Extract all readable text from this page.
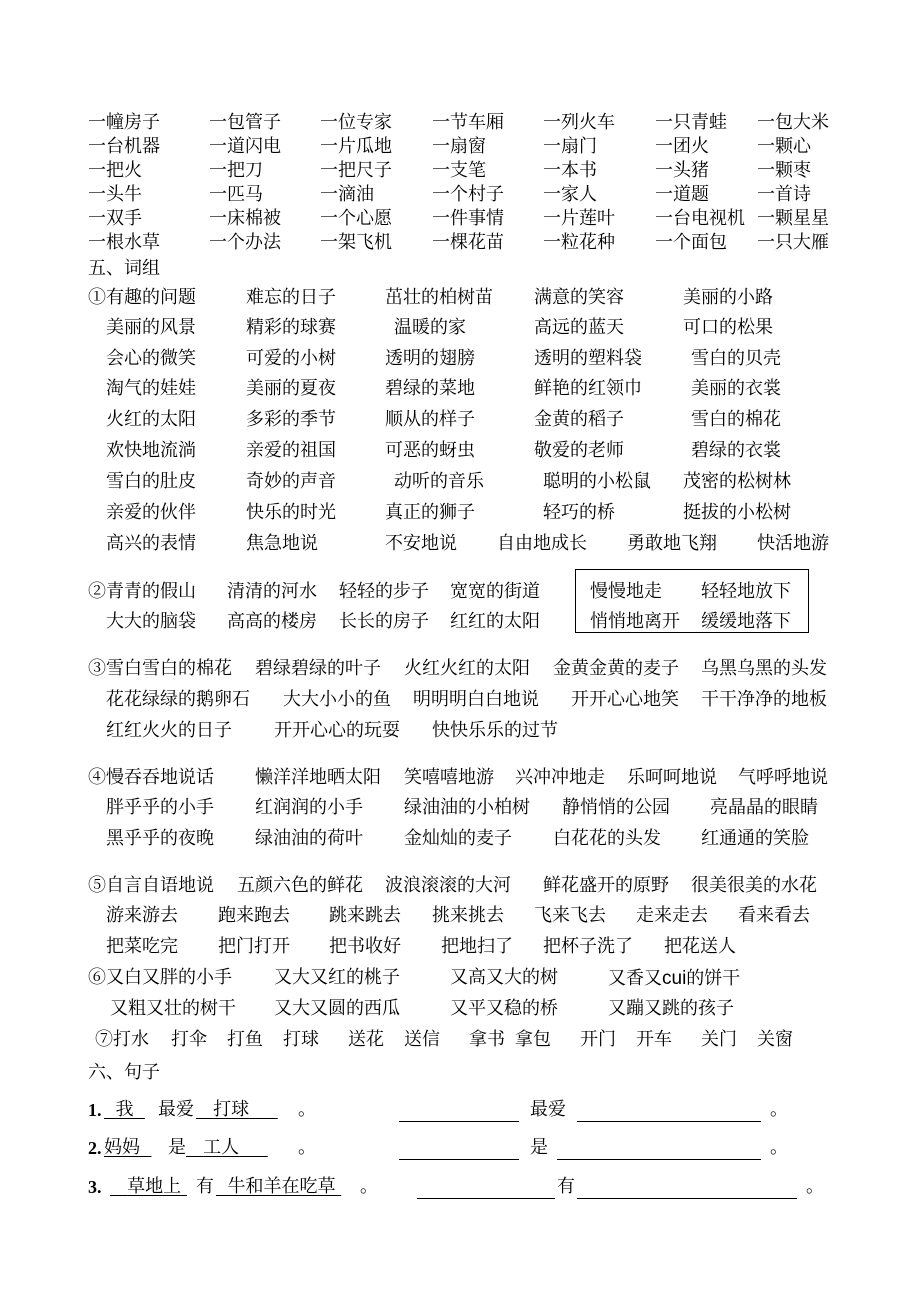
一幢房子	一包管子 一位专家 一节车厢 一列火车 一只青蛙 一包大米
一台机器	一道闪电 一片瓜地 一扇窗	一扇门	一团火	一颗心
一把火	一把刀	一把尺子 一支笔	一本书	一头猪	一颗枣
一头牛	一匹马	一滴油	一个村子 一家人	一道题	一首诗
一双手	一床棉被 一个心愿 一件事情 一片莲叶 一台电视机 一颗星星
一根水草	一个办法 一架飞机 一棵花苗 一粒花种 一个面包 一只大雁
五、词组
①有趣的问题	难忘的日子	茁壮的柏树苗 满意的笑容	美丽的小路
美丽的风景	精彩的球赛	温暖的家	高远的蓝天	可口的松果
会心的微笑	可爱的小树	透明的翅膀	透明的塑料袋	雪白的贝壳
淘气的娃娃	美丽的夏夜	碧绿的菜地	鲜艳的红领巾	美丽的衣裳
火红的太阳	多彩的季节	顺从的样子	金黄的稻子	雪白的棉花
欢快地流淌	亲爱的祖国	可恶的蚜虫	敬爱的老师	碧绿的衣裳
雪白的肚皮	奇妙的声音	动听的音乐	聪明的小松鼠 茂密的松树林
亲爱的伙伴	快乐的时光	真正的狮子	轻巧的桥	挺拔的小松树
高兴的表情	焦急地说	不安地说 自由地成长 勇敢地飞翔 快活地游
②青青的假山 清清的河水 轻轻的步子 宽宽的街道
大大的脑袋 高高的楼房 长长的房子 红红的太阳
慢慢地走 轻轻地放下
悄悄地离开 缓缓地落下
③雪白雪白的棉花 碧绿碧绿的叶子 火红火红的太阳 金黄金黄的麦子 乌黑乌黑的头发
花花绿绿的鹅卵石 大大小小的鱼 明明明白白地说 开开心心地笑 干干净净的地板
红红火火的日子 开开心心的玩耍 快快乐乐的过节
④慢吞吞地说话 懒洋洋地晒太阳 笑嘻嘻地游 兴冲冲地走 乐呵呵地说 气呼呼地说
胖乎乎的小手 红润润的小手 绿油油的小柏树 静悄悄的公园 亮晶晶的眼睛
黑乎乎的夜晚 绿油油的荷叶 金灿灿的麦子 白花花的头发 红通通的笑脸
⑤自言自语地说 五颜六色的鲜花 波浪滚滚的大河 鲜花盛开的原野 很美很美的水花
游来游去 跑来跑去 跳来跳去 挑来挑去 飞来飞去 走来走去 看来看去
把菜吃完 把门打开 把书收好 把地扫了 把杯子洗了 把花送人
⑥又白又胖的小手 又大又红的桃子	又高又大的树	又香又cui的饼干
又粗又壮的树干 又大又圆的西瓜	又平又稳的桥	又蹦又跳的孩子
⑦打水 打伞 打鱼 打球 送花 送信 拿书 拿包 开门 开车 关门 关窗
六、句子
1. 我	最爱	打球	。	最爱	。
2. 妈妈	是 工人	。	是	。
3.	草地上 有 牛和羊在吃草	。	有	。
